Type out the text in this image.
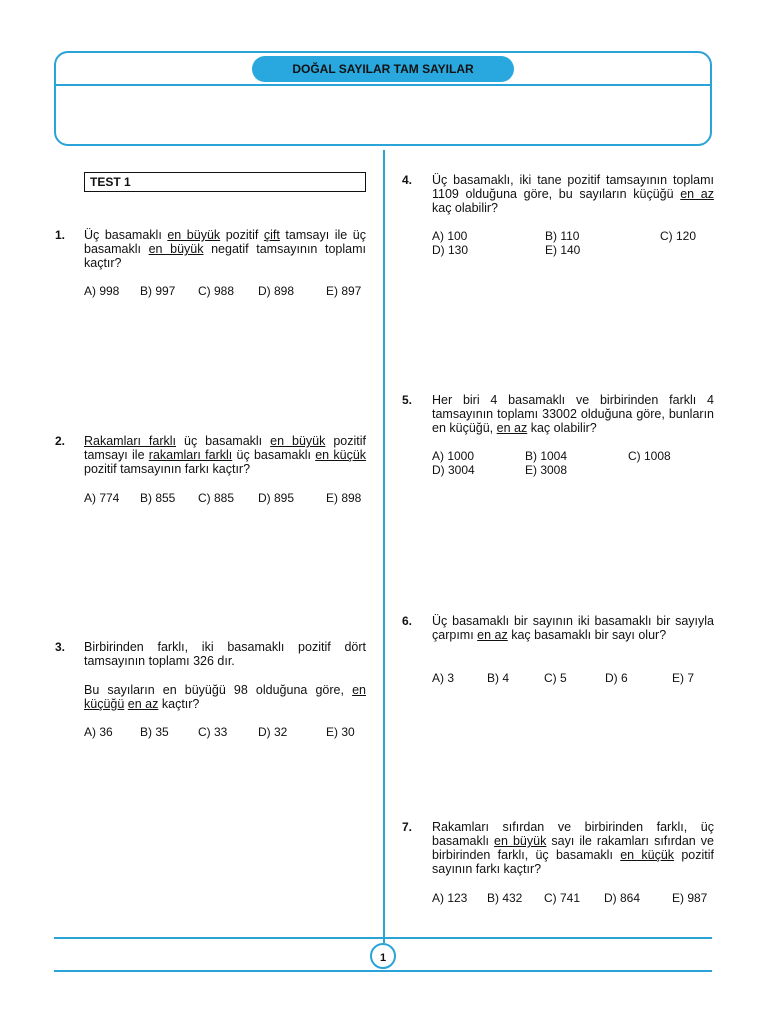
DOĞAL SAYILAR TAM SAYILAR
1
TEST 1
1. Üç basamaklı en büyük pozitif çift tamsayı ile üç basamaklı en büyük negatif tamsayının toplamı kaçtır?
A) 998 B) 997 C) 988 D) 898	E) 897
2. Rakamları farklı üç basamaklı en büyük pozitif tamsayı ile rakamları farklı üç basamaklı en küçük pozitif tamsayının farkı kaçtır?
A) 774 B) 855 C) 885 D) 895	E) 898
3. Birbirinden farklı, iki basamaklı pozitif dört tamsayının toplamı 326 dır.
Bu sayıların en büyüğü 98 olduğuna göre, en küçüğü en az kaçtır?
A) 36 B) 35 C) 33	D) 32	E) 30
4. Üç basamaklı, iki tane pozitif tamsayının toplamı 1109 olduğuna göre, bu sayıların küçüğü en az kaç olabilir?
A) 100	B) 110	C) 120
D) 130	E) 140
5. Her biri 4 basamaklı ve birbirinden farklı 4 tamsayının toplamı 33002 olduğuna göre, bunların en küçüğü, en az kaç olabilir?
A) 1000	B) 1004	C) 1008
D) 3004	E) 3008
6. Üç basamaklı bir sayının iki basamaklı bir sayıyla çarpımı en az kaç basamaklı bir sayı olur?
A) 3	B) 4	C) 5	D) 6	E) 7
7. Rakamları sıfırdan ve birbirinden farklı, üç basamaklı en büyük sayı ile rakamları sıfırdan ve birbirinden farklı, üç basamaklı en küçük pozitif sayının farkı kaçtır?
A) 123 B) 432 C) 741 D) 864	E) 987
